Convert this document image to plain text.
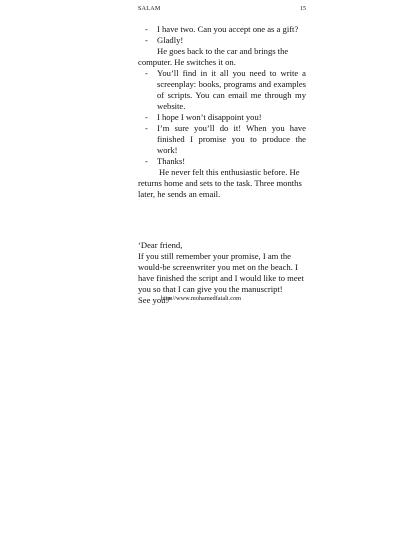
SALAM	15
- I have two. Can you accept one as a gift?
- Gladly!
He goes back to the car and brings the computer. He switches it on.
- You’ll find in it all you need to write a screenplay: books, programs and examples of scripts. You can email me through my website.
- I hope I won’t disappoint you!
- I’m sure you’ll do it! When you have finished I promise you to produce the work!
- Thanks!
He never felt this enthusiastic before. He returns home and sets to the task. Three months later, he sends an email.

‘Dear friend,

If you still remember your promise, I am the would-be screenwriter you met on the beach. I have finished the script and I would like to meet you so that I can give you the manuscript!

See you!”

http://www.mohamedfaiali.com
